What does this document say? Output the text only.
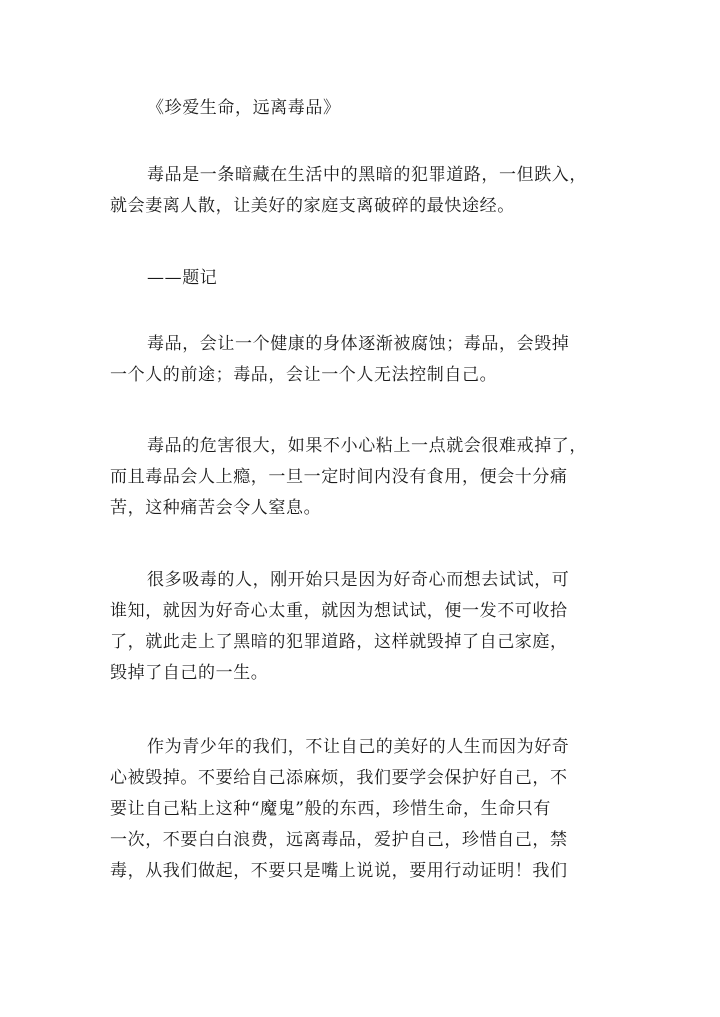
《珍爱生命，远离毒品》
毒品是一条暗藏在生活中的黑暗的犯罪道路，一但跌入，
就会妻离人散，让美好的家庭支离破碎的最快途经。
——题记
毒品，会让一个健康的身体逐渐被腐蚀；毒品，会毁掉
一个人的前途；毒品，会让一个人无法控制自己。
毒品的危害很大，如果不小心粘上一点就会很难戒掉了，
而且毒品会人上瘾，一旦一定时间内没有食用，便会十分痛
苦，这种痛苦会令人窒息。
很多吸毒的人，刚开始只是因为好奇心而想去试试，可
谁知，就因为好奇心太重，就因为想试试，便一发不可收拾
了，就此走上了黑暗的犯罪道路，这样就毁掉了自己家庭，
毁掉了自己的一生。
作为青少年的我们，不让自己的美好的人生而因为好奇
心被毁掉。不要给自己添麻烦，我们要学会保护好自己，不
要让自己粘上这种“魔鬼”般的东西，珍惜生命，生命只有
一次，不要白白浪费，远离毒品，爱护自己，珍惜自己，禁
毒，从我们做起，不要只是嘴上说说，要用行动证明！我们
